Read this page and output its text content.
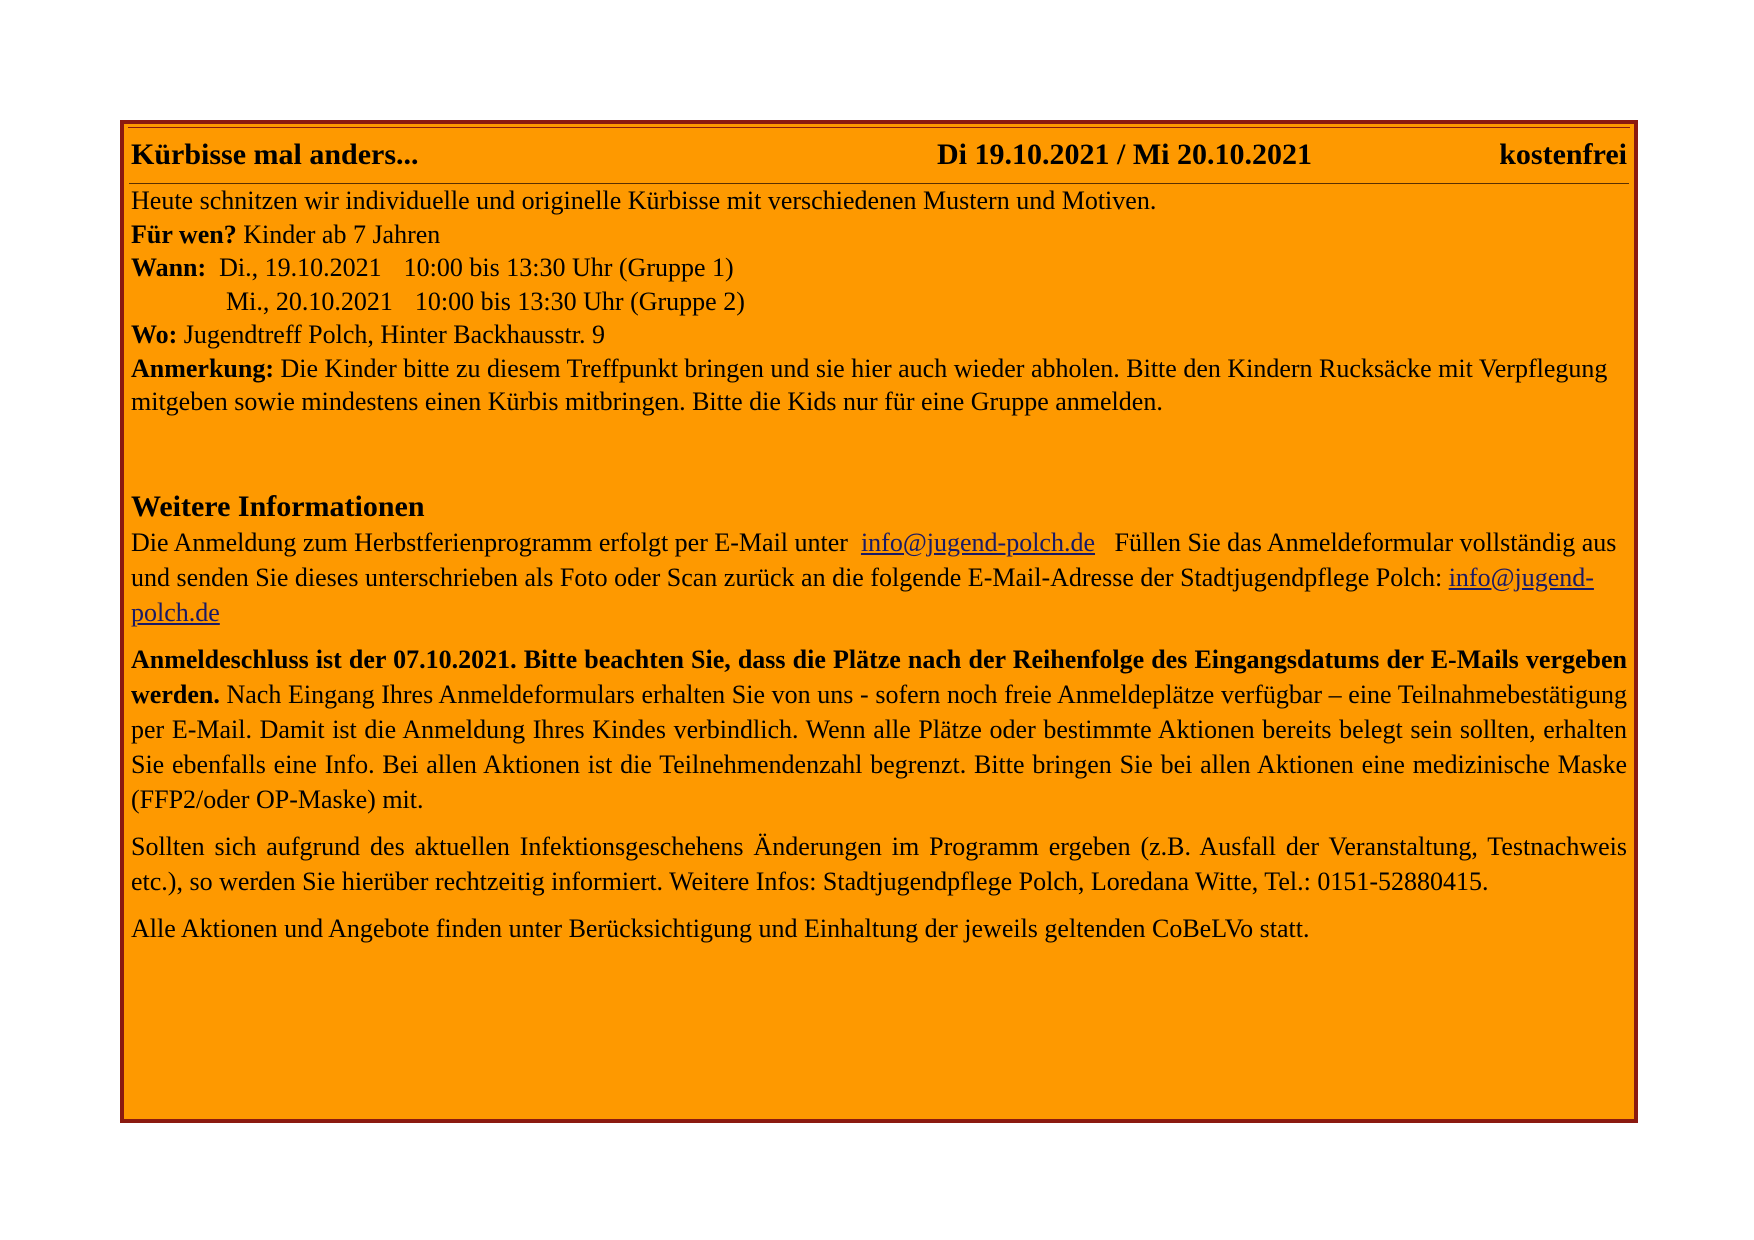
Kürbisse mal anders...	Di 19.10.2021 / Mi 20.10.2021	kostenfrei

Heute schnitzen wir individuelle und originelle Kürbisse mit verschiedenen Mustern und Motiven.

Für wen? Kinder ab 7 Jahren

Wann: Di., 19.10.2021 10:00 bis 13:30 Uhr (Gruppe 1)

Mi., 20.10.2021 10:00 bis 13:30 Uhr (Gruppe 2)

Wo: Jugendtreff Polch, Hinter Backhausstr. 9

Anmerkung: Die Kinder bitte zu diesem Treffpunkt bringen und sie hier auch wieder abholen. Bitte den Kindern Rucksäcke mit Verpflegung mitgeben sowie mindestens einen Kürbis mitbringen. Bitte die Kids nur für eine Gruppe anmelden.

Weitere Informationen

Die Anmeldung zum Herbstferienprogramm erfolgt per E-Mail unter  info@jugend-polch.de   Füllen Sie das Anmeldeformular vollständig aus und senden Sie dieses unterschrieben als Foto oder Scan zurück an die folgende E-Mail-Adresse der Stadtjugendpflege Polch: info@jugend-polch.de

Anmeldeschluss ist der 07.10.2021. Bitte beachten Sie, dass die Plätze nach der Reihenfolge des Eingangsdatums der E-Mails vergeben werden. Nach Eingang Ihres Anmeldeformulars erhalten Sie von uns - sofern noch freie Anmeldeplätze verfügbar – eine Teilnahmebestätigung per E-Mail. Damit ist die Anmeldung Ihres Kindes verbindlich. Wenn alle Plätze oder bestimmte Aktionen bereits belegt sein sollten, erhalten Sie ebenfalls eine Info. Bei allen Aktionen ist die Teilnehmendenzahl begrenzt. Bitte bringen Sie bei allen Aktionen eine medizinische Maske (FFP2/oder OP-Maske) mit.

Sollten sich aufgrund des aktuellen Infektionsgeschehens Änderungen im Programm ergeben (z.B. Ausfall der Veranstaltung, Testnachweis etc.), so werden Sie hierüber rechtzeitig informiert. Weitere Infos: Stadtjugendpflege Polch, Loredana Witte, Tel.: 0151-52880415.

Alle Aktionen und Angebote finden unter Berücksichtigung und Einhaltung der jeweils geltenden CoBeLVo statt.
